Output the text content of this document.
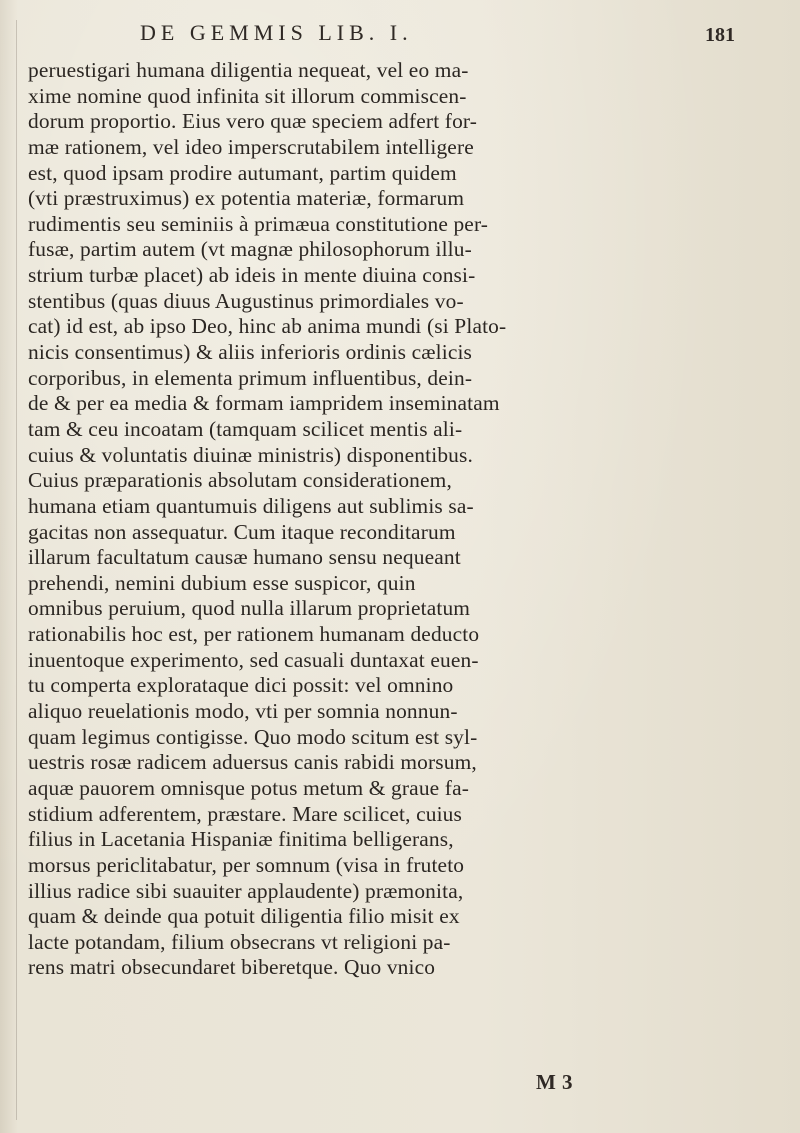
DE GEMMIS LIB. I.	181
peruestigari humana diligentia nequeat, vel eo ma-
xime nomine quod infinita sit illorum commiscen-
dorum proportio. Eius vero quæ speciem adfert for-
mæ rationem, vel ideo imperscrutabilem intelligere
est, quod ipsam prodire autumant, partim quidem
(vti præstruximus) ex potentia materiæ, formarum
rudimentis seu seminiis à primæua constitutione per-
fusæ, partim autem (vt magnæ philosophorum illu-
strium turbæ placet) ab ideis in mente diuina consi-
stentibus (quas diuus Augustinus primordiales vo-
cat) id est, ab ipso Deo, hinc ab anima mundi (si Plato-
nicis consentimus) & aliis inferioris ordinis cælicis
corporibus, in elementa primum influentibus, dein-
de & per ea media & formam iampridem inseminatam
tam & ceu incoatam (tamquam scilicet mentis ali-
cuius & voluntatis diuinæ ministris) disponentibus.
Cuius præparationis absolutam considerationem,
humana etiam quantumuis diligens aut sublimis sa-
gacitas non assequatur. Cum itaque reconditarum
illarum facultatum causæ humano sensu nequeant
prehendi, nemini dubium esse suspicor, quin
omnibus peruium, quod nulla illarum proprietatum
rationabilis hoc est, per rationem humanam deducto
inuentoque experimento, sed casuali duntaxat euen-
tu comperta explorataque dici possit: vel omnino
aliquo reuelationis modo, vti per somnia nonnun-
quam legimus contigisse. Quo modo scitum est syl-
uestris rosæ radicem aduersus canis rabidi morsum,
aquæ pauorem omnisque potus metum & graue fa-
stidium adferentem, præstare. Mare scilicet, cuius
filius in Lacetania Hispaniæ finitima belligerans,
morsus periclitabatur, per somnum (visa in fruteto
illius radice sibi suauiter applaudente) præmonita,
quam & deinde qua potuit diligentia filio misit ex
lacte potandam, filium obsecrans vt religioni pa-
rens matri obsecundaret biberetque. Quo vnico
M 3
